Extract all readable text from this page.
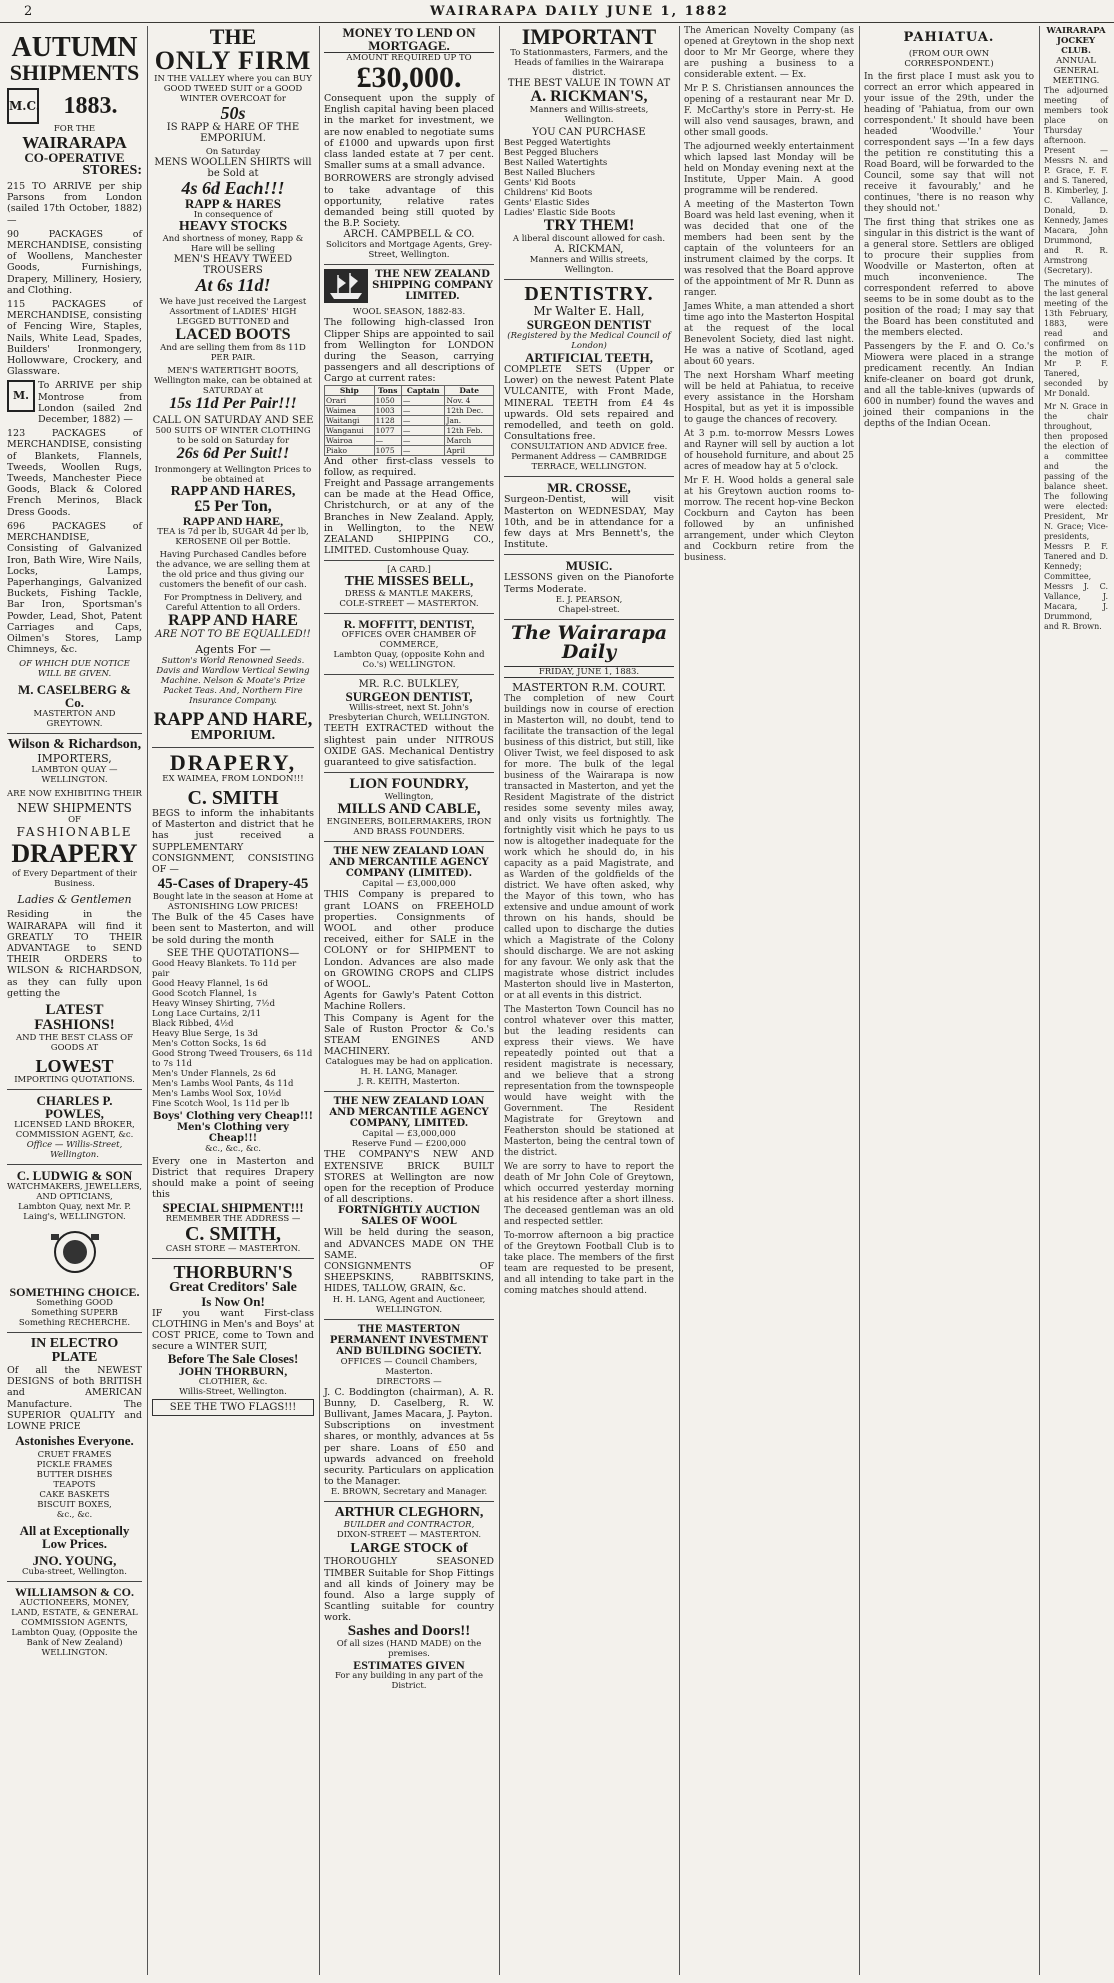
2	WAIRARAPA DAILY JUNE 1, 1882
AUTUMN
SHIPMENTS
M.C. 1883.
FOR THE
WAIRARAPA
CO-OPERATIVE
STORES:
215 TO ARRIVE per ship Parsons from London (sailed 17th October, 1882) —
90 PACKAGES of MERCHANDISE, consisting of Woollens, Manchester Goods, Furnishings, Drapery, Millinery, Hosiery, and Clothing.
115 PACKAGES of MERCHANDISE, consisting of Fencing Wire, Staples, Nails, White Lead, Spades, Builders' Ironmongery, Hollowware, Crockery, and Glassware.
M.
To ARRIVE per ship Montrose from London (sailed 2nd December, 1882) —
123 PACKAGES of MERCHANDISE, consisting of Blankets, Flannels, Tweeds, Woollen Rugs, Tweeds, Manchester Piece Goods, Black & Colored French Merinos, Black Dress Goods.
696 PACKAGES of MERCHANDISE, Consisting of Galvanized Iron, Bath Wire, Wire Nails, Locks, Lamps, Paperhangings, Galvanized Buckets, Fishing Tackle, Bar Iron, Sportsman's Powder, Lead, Shot, Patent Carriages and Caps, Oilmen's Stores, Lamp Chimneys, &c.
OF WHICH DUE NOTICE WILL BE GIVEN.
M. CASELBERG & Co.
MASTERTON AND GREYTOWN.
Wilson & Richardson,
IMPORTERS,
LAMBTON QUAY — WELLINGTON.
ARE NOW EXHIBITING THEIR
NEW SHIPMENTS
OF
FASHIONABLE
DRAPERY
of Every Department of their Business.
Ladies & Gentlemen
Residing in the WAIRARAPA will find it GREATLY TO THEIR ADVANTAGE to SEND THEIR ORDERS to WILSON & RICHARDSON, as they can fully upon getting the
LATEST FASHIONS!
AND THE BEST CLASS OF GOODS AT
LOWEST
IMPORTING QUOTATIONS.
CHARLES P. POWLES,
LICENSED LAND BROKER,
COMMISSION AGENT, &c.
Office — Willis-Street, Wellington.
C. LUDWIG & SON
WATCHMAKERS, JEWELLERS, AND OPTICIANS,
Lambton Quay, next Mr. P. Laing's, WELLINGTON.
SOMETHING CHOICE.
Something GOOD
Something SUPERB
Something RECHERCHE.
IN ELECTRO PLATE
Of all the NEWEST DESIGNS of both BRITISH and AMERICAN Manufacture. The SUPERIOR QUALITY and LOWNE PRICE
Astonishes Everyone.
CRUET FRAMES
PICKLE FRAMES
BUTTER DISHES
TEAPOTS
CAKE BASKETS
BISCUIT BOXES,
&c., &c.
All at Exceptionally Low Prices.
JNO. YOUNG,
Cuba-street, Wellington.
WILLIAMSON & CO.
AUCTIONEERS, MONEY, LAND, ESTATE, & GENERAL COMMISSION AGENTS,
Lambton Quay, (Opposite the Bank of New Zealand) WELLINGTON.
THE
ONLY FIRM
IN THE VALLEY where you can BUY GOOD TWEED SUIT or a GOOD WINTER OVERCOAT for
50s
IS RAPP & HARE OF THE EMPORIUM.
On Saturday
MENS WOOLLEN SHIRTS will be Sold at
4s 6d Each!!!
RAPP & HARES
In consequence of
HEAVY STOCKS
And shortness of money, Rapp & Hare will be selling
MEN'S HEAVY TWEED TROUSERS
At 6s 11d!
We have just received the Largest Assortment of LADIES' HIGH LEGGED BUTTONED and
LACED BOOTS
And are selling them from 8s 11D PER PAIR.
MEN'S WATERTIGHT BOOTS, Wellington make, can be obtained at SATURDAY at
15s 11d Per Pair!!!
CALL ON SATURDAY AND SEE
500 SUITS OF WINTER CLOTHING to be sold on Saturday for
26s 6d Per Suit!!
Ironmongery at Wellington Prices to be obtained at
RAPP AND HARES,
£5 Per Ton,
RAPP AND HARE,
TEA is 7d per lb, SUGAR 4d per lb, KEROSENE Oil per Bottle.
Having Purchased Candles before the advance, we are selling them at the old price and thus giving our customers the benefit of our cash.
For Promptness in Delivery, and Careful Attention to all Orders.
RAPP AND HARE
ARE NOT TO BE EQUALLED!!
Agents For —
Sutton's World Renowned Seeds. Davis and Wardlow Vertical Sewing Machine. Nelson & Moate's Prize Packet Teas. And, Northern Fire Insurance Company.
RAPP AND HARE,
EMPORIUM.
DRAPERY,
EX WAIMEA, FROM LONDON!!!
C. SMITH
BEGS to inform the inhabitants of Masterton and district that he has just received a SUPPLEMENTARY CONSIGNMENT, CONSISTING OF —
45-Cases of Drapery-45
Bought late in the season at Home at ASTONISHING LOW PRICES!
The Bulk of the 45 Cases have been sent to Masterton, and will be sold during the month
SEE THE QUOTATIONS—
Good Heavy Blankets. To 11d per pair
Good Heavy Flannel, 1s 6d
Good Scotch Flannel, 1s
Heavy Winsey Shirting, 7½d
Long Lace Curtains, 2/11
Black Ribbed, 4½d
Heavy Blue Serge, 1s 3d
Men's Cotton Socks, 1s 6d
Good Strong Tweed Trousers, 6s 11d to 7s 11d
Men's Under Flannels, 2s 6d
Men's Lambs Wool Pants, 4s 11d
Men's Lambs Wool Sox, 10½d
Fine Scotch Wool, 1s 11d per lb
Boys' Clothing very Cheap!!!
Men's Clothing very Cheap!!!
&c., &c., &c.
Every one in Masterton and District that requires Drapery should make a point of seeing this
SPECIAL SHIPMENT!!!
REMEMBER THE ADDRESS —
C. SMITH,
CASH STORE — MASTERTON.
THORBURN'S
Great Creditors' Sale
Is Now On!
IF you want First-class CLOTHING in Men's and Boys' at COST PRICE, come to Town and secure a WINTER SUIT,
Before The Sale Closes!
JOHN THORBURN,
CLOTHIER, &c.
Willis-Street, Wellington.
SEE THE TWO FLAGS!!!
MONEY TO LEND ON MORTGAGE.
AMOUNT REQUIRED UP TO
£30,000.
Consequent upon the supply of English capital having been placed in the market for investment, we are now enabled to negotiate sums of £1000 and upwards upon first class landed estate at 7 per cent. Smaller sums at a small advance.
BORROWERS are strongly advised to take advantage of this opportunity, relative rates demanded being still quoted by the B.P. Society.
ARCH. CAMPBELL & CO.
Solicitors and Mortgage Agents, Grey-Street, Wellington.
THE NEW ZEALAND SHIPPING COMPANY LIMITED.
WOOL SEASON, 1882-83.
The following high-classed Iron Clipper Ships are appointed to sail from Wellington for LONDON during the Season, carrying passengers and all descriptions of Cargo at current rates:
Ship	Tons	Captain	Date
Orari	1050	—	Nov. 4
Waimea	1003	—	12th Dec.
Waitangi	1128	—	Jan.
Wanganui	1077	—	12th Feb.
Wairoa	—	—	March
Piako	1075	—	April
And other first-class vessels to follow, as required.
Freight and Passage arrangements can be made at the Head Office, Christchurch, or at any of the Branches in New Zealand. Apply, in Wellington, to the NEW ZEALAND SHIPPING CO., LIMITED. Customhouse Quay.
[A CARD.]
THE MISSES BELL,
DRESS & MANTLE MAKERS,
COLE-STREET — MASTERTON.
R. MOFFITT, DENTIST,
OFFICES OVER CHAMBER OF COMMERCE,
Lambton Quay, (opposite Kohn and Co.'s) WELLINGTON.
MR. R.C. BULKLEY,
SURGEON DENTIST,
Willis-street, next St. John's Presbyterian Church, WELLINGTON.
TEETH EXTRACTED without the slightest pain under NITROUS OXIDE GAS. Mechanical Dentistry guaranteed to give satisfaction.
LION FOUNDRY,
Wellington,
MILLS AND CABLE,
ENGINEERS, BOILERMAKERS, IRON AND BRASS FOUNDERS.
THE NEW ZEALAND LOAN AND MERCANTILE AGENCY COMPANY (LIMITED).
Capital — £3,000,000
THIS Company is prepared to grant LOANS on FREEHOLD properties. Consignments of WOOL and other produce received, either for SALE in the COLONY or for SHIPMENT to London. Advances are also made on GROWING CROPS and CLIPS of WOOL.
Agents for Gawly's Patent Cotton Machine Rollers.
This Company is Agent for the Sale of Ruston Proctor & Co.'s STEAM ENGINES AND MACHINERY.
Catalogues may be had on application.
H. H. LANG, Manager.
J. R. KEITH, Masterton.
THE NEW ZEALAND LOAN AND MERCANTILE AGENCY COMPANY, LIMITED.
Capital — £3,000,000
Reserve Fund — £200,000
THE COMPANY'S NEW AND EXTENSIVE BRICK BUILT STORES at Wellington are now open for the reception of Produce of all descriptions.
FORTNIGHTLY AUCTION SALES OF WOOL
Will be held during the season, and ADVANCES MADE ON THE SAME.
CONSIGNMENTS OF SHEEPSKINS, RABBITSKINS, HIDES, TALLOW, GRAIN, &c.
H. H. LANG, Agent and Auctioneer, WELLINGTON.
THE MASTERTON PERMANENT INVESTMENT AND BUILDING SOCIETY.
OFFICES — Council Chambers, Masterton.
DIRECTORS —
J. C. Boddington (chairman), A. R. Bunny, D. Caselberg, R. W. Bullivant, James Macara, J. Payton.
Subscriptions on investment shares, or monthly, advances at 5s per share. Loans of £50 and upwards advanced on freehold security. Particulars on application to the Manager.
E. BROWN, Secretary and Manager.
ARTHUR CLEGHORN,
BUILDER and CONTRACTOR,
DIXON-STREET — MASTERTON.
LARGE STOCK of
THOROUGHLY SEASONED TIMBER Suitable for Shop Fittings and all kinds of Joinery may be found. Also a large supply of Scantling suitable for country work.
Sashes and Doors!!
Of all sizes (HAND MADE) on the premises.
ESTIMATES GIVEN
For any building in any part of the District.
IMPORTANT
To Stationmasters, Farmers, and the Heads of families in the Wairarapa district.
THE BEST VALUE IN TOWN AT
A. RICKMAN'S,
Manners and Willis-streets, Wellington.
YOU CAN PURCHASE
Best Pegged Watertights
Best Pegged Bluchers
Best Nailed Watertights
Best Nailed Bluchers
Gents' Kid Boots
Childrens' Kid Boots
Gents' Elastic Sides
Ladies' Elastic Side Boots
TRY THEM!
A liberal discount allowed for cash.
A. RICKMAN,
Manners and Willis streets, Wellington.
DENTISTRY.
Mr Walter E. Hall,
SURGEON DENTIST
(Registered by the Medical Council of London)
ARTIFICIAL TEETH,
COMPLETE SETS (Upper or Lower) on the newest Patent Plate VULCANITE, with Front Made, MINERAL TEETH from £4 4s upwards. Old sets repaired and remodelled, and teeth on gold. Consultations free.
CONSULTATION AND ADVICE free.
Permanent Address — CAMBRIDGE TERRACE, WELLINGTON.
MR. CROSSE,
Surgeon-Dentist, will visit Masterton on WEDNESDAY, May 10th, and be in attendance for a few days at Mrs Bennett's, the Institute.
MUSIC.
LESSONS given on the Pianoforte Terms Moderate.
E. J. PEARSON,
Chapel-street.
The Wairarapa Daily
FRIDAY, JUNE 1, 1883.
MASTERTON R.M. COURT.
The completion of new Court buildings now in course of erection in Masterton will, no doubt, tend to facilitate the transaction of the legal business of this district, but still, like Oliver Twist, we feel disposed to ask for more. The bulk of the legal business of the Wairarapa is now transacted in Masterton, and yet the Resident Magistrate of the district resides some seventy miles away, and only visits us fortnightly. The fortnightly visit which he pays to us now is altogether inadequate for the work which he should do, in his capacity as a paid Magistrate, and as Warden of the goldfields of the district. We have often asked, why the Mayor of this town, who has extensive and undue amount of work thrown on his hands, should be called upon to discharge the duties which a Magistrate of the Colony should discharge. We are not asking for any favour. We only ask that the magistrate whose district includes Masterton should live in Masterton, or at all events in this district.
The Masterton Town Council has no control whatever over this matter, but the leading residents can express their views. We have repeatedly pointed out that a resident magistrate is necessary, and we believe that a strong representation from the townspeople would have weight with the Government. The Resident Magistrate for Greytown and Featherston should be stationed at Masterton, being the central town of the district.
We are sorry to have to report the death of Mr John Cole of Greytown, which occurred yesterday morning at his residence after a short illness. The deceased gentleman was an old and respected settler.
To-morrow afternoon a big practice of the Greytown Football Club is to take place. The members of the first team are requested to be present, and all intending to take part in the coming matches should attend.
The American Novelty Company (as opened at Greytown in the shop next door to Mr Mr George, where they are pushing a business to a considerable extent. — Ex.
Mr P. S. Christiansen announces the opening of a restaurant near Mr D. F. McCarthy's store in Perry-st. He will also vend sausages, brawn, and other small goods.
The adjourned weekly entertainment which lapsed last Monday will be held on Monday evening next at the Institute, Upper Main. A good programme will be rendered.
A meeting of the Masterton Town Board was held last evening, when it was decided that one of the members had been sent by the captain of the volunteers for an instrument claimed by the corps. It was resolved that the Board approve of the appointment of Mr R. Dunn as ranger.
James White, a man attended a short time ago into the Masterton Hospital at the request of the local Benevolent Society, died last night. He was a native of Scotland, aged about 60 years.
The next Horsham Wharf meeting will be held at Pahiatua, to receive every assistance in the Horsham Hospital, but as yet it is impossible to gauge the chances of recovery.
At 3 p.m. to-morrow Messrs Lowes and Rayner will sell by auction a lot of household furniture, and about 25 acres of meadow hay at 5 o'clock.
Mr F. H. Wood holds a general sale at his Greytown auction rooms to-morrow. The recent hop-vine Beckon Cockburn and Cayton has been followed by an unfinished arrangement, under which Cleyton and Cockburn retire from the business.
PAHIATUA.
(FROM OUR OWN CORRESPONDENT.)
In the first place I must ask you to correct an error which appeared in your issue of the 29th, under the heading of 'Pahiatua, from our own correspondent.' It should have been headed 'Woodville.' Your correspondent says —'In a few days the petition re constituting this a Road Board, will be forwarded to the Council, some say that will not receive it favourably,' and he continues, 'there is no reason why they should not.'
The first thing that strikes one as singular in this district is the want of a general store. Settlers are obliged to procure their supplies from Woodville or Masterton, often at much inconvenience. The correspondent referred to above seems to be in some doubt as to the position of the road; I may say that the Board has been constituted and the members elected.
Passengers by the F. and O. Co.'s Miowera were placed in a strange predicament recently. An Indian knife-cleaner on board got drunk, and all the table-knives (upwards of 600 in number) found the waves and joined their companions in the depths of the Indian Ocean.
WAIRARAPA JOCKEY CLUB.
ANNUAL GENERAL MEETING.
The adjourned meeting of members took place on Thursday afternoon. Present — Messrs N. and P. Grace, F. F. and S. Tanered, B. Kimberley, J. C. Vallance, Donald, D. Kennedy, James Macara, John Drummond, and R. R. Armstrong (Secretary).
The minutes of the last general meeting of the 13th February, 1883, were read and confirmed on the motion of Mr P. F. Tanered, seconded by Mr Donald.
Mr N. Grace in the chair throughout, then proposed the election of a committee and the passing of the balance sheet. The following were elected: President, Mr N. Grace; Vice-presidents, Messrs P. F. Tanered and D. Kennedy; Committee, Messrs J. C. Vallance, J. Macara, J. Drummond, and R. Brown.
